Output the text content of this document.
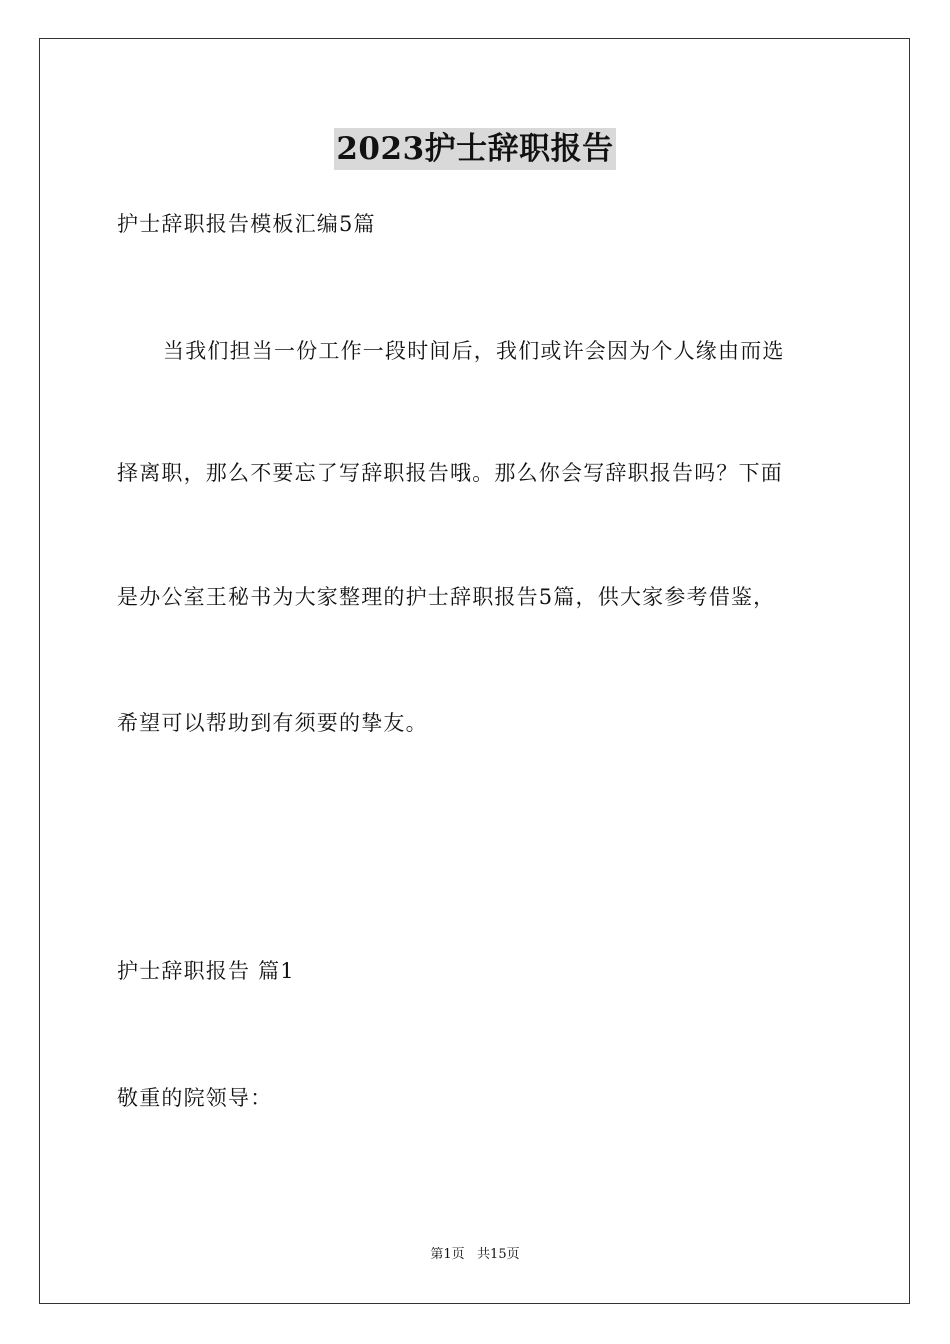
2023护士辞职报告
护士辞职报告模板汇编5篇
当我们担当一份工作一段时间后，我们或许会因为个人缘由而选
择离职，那么不要忘了写辞职报告哦。那么你会写辞职报告吗？下面
是办公室王秘书为大家整理的护士辞职报告5篇，供大家参考借鉴，
希望可以帮助到有须要的挚友。
护士辞职报告 篇1
敬重的院领导：
第1页   共15页
